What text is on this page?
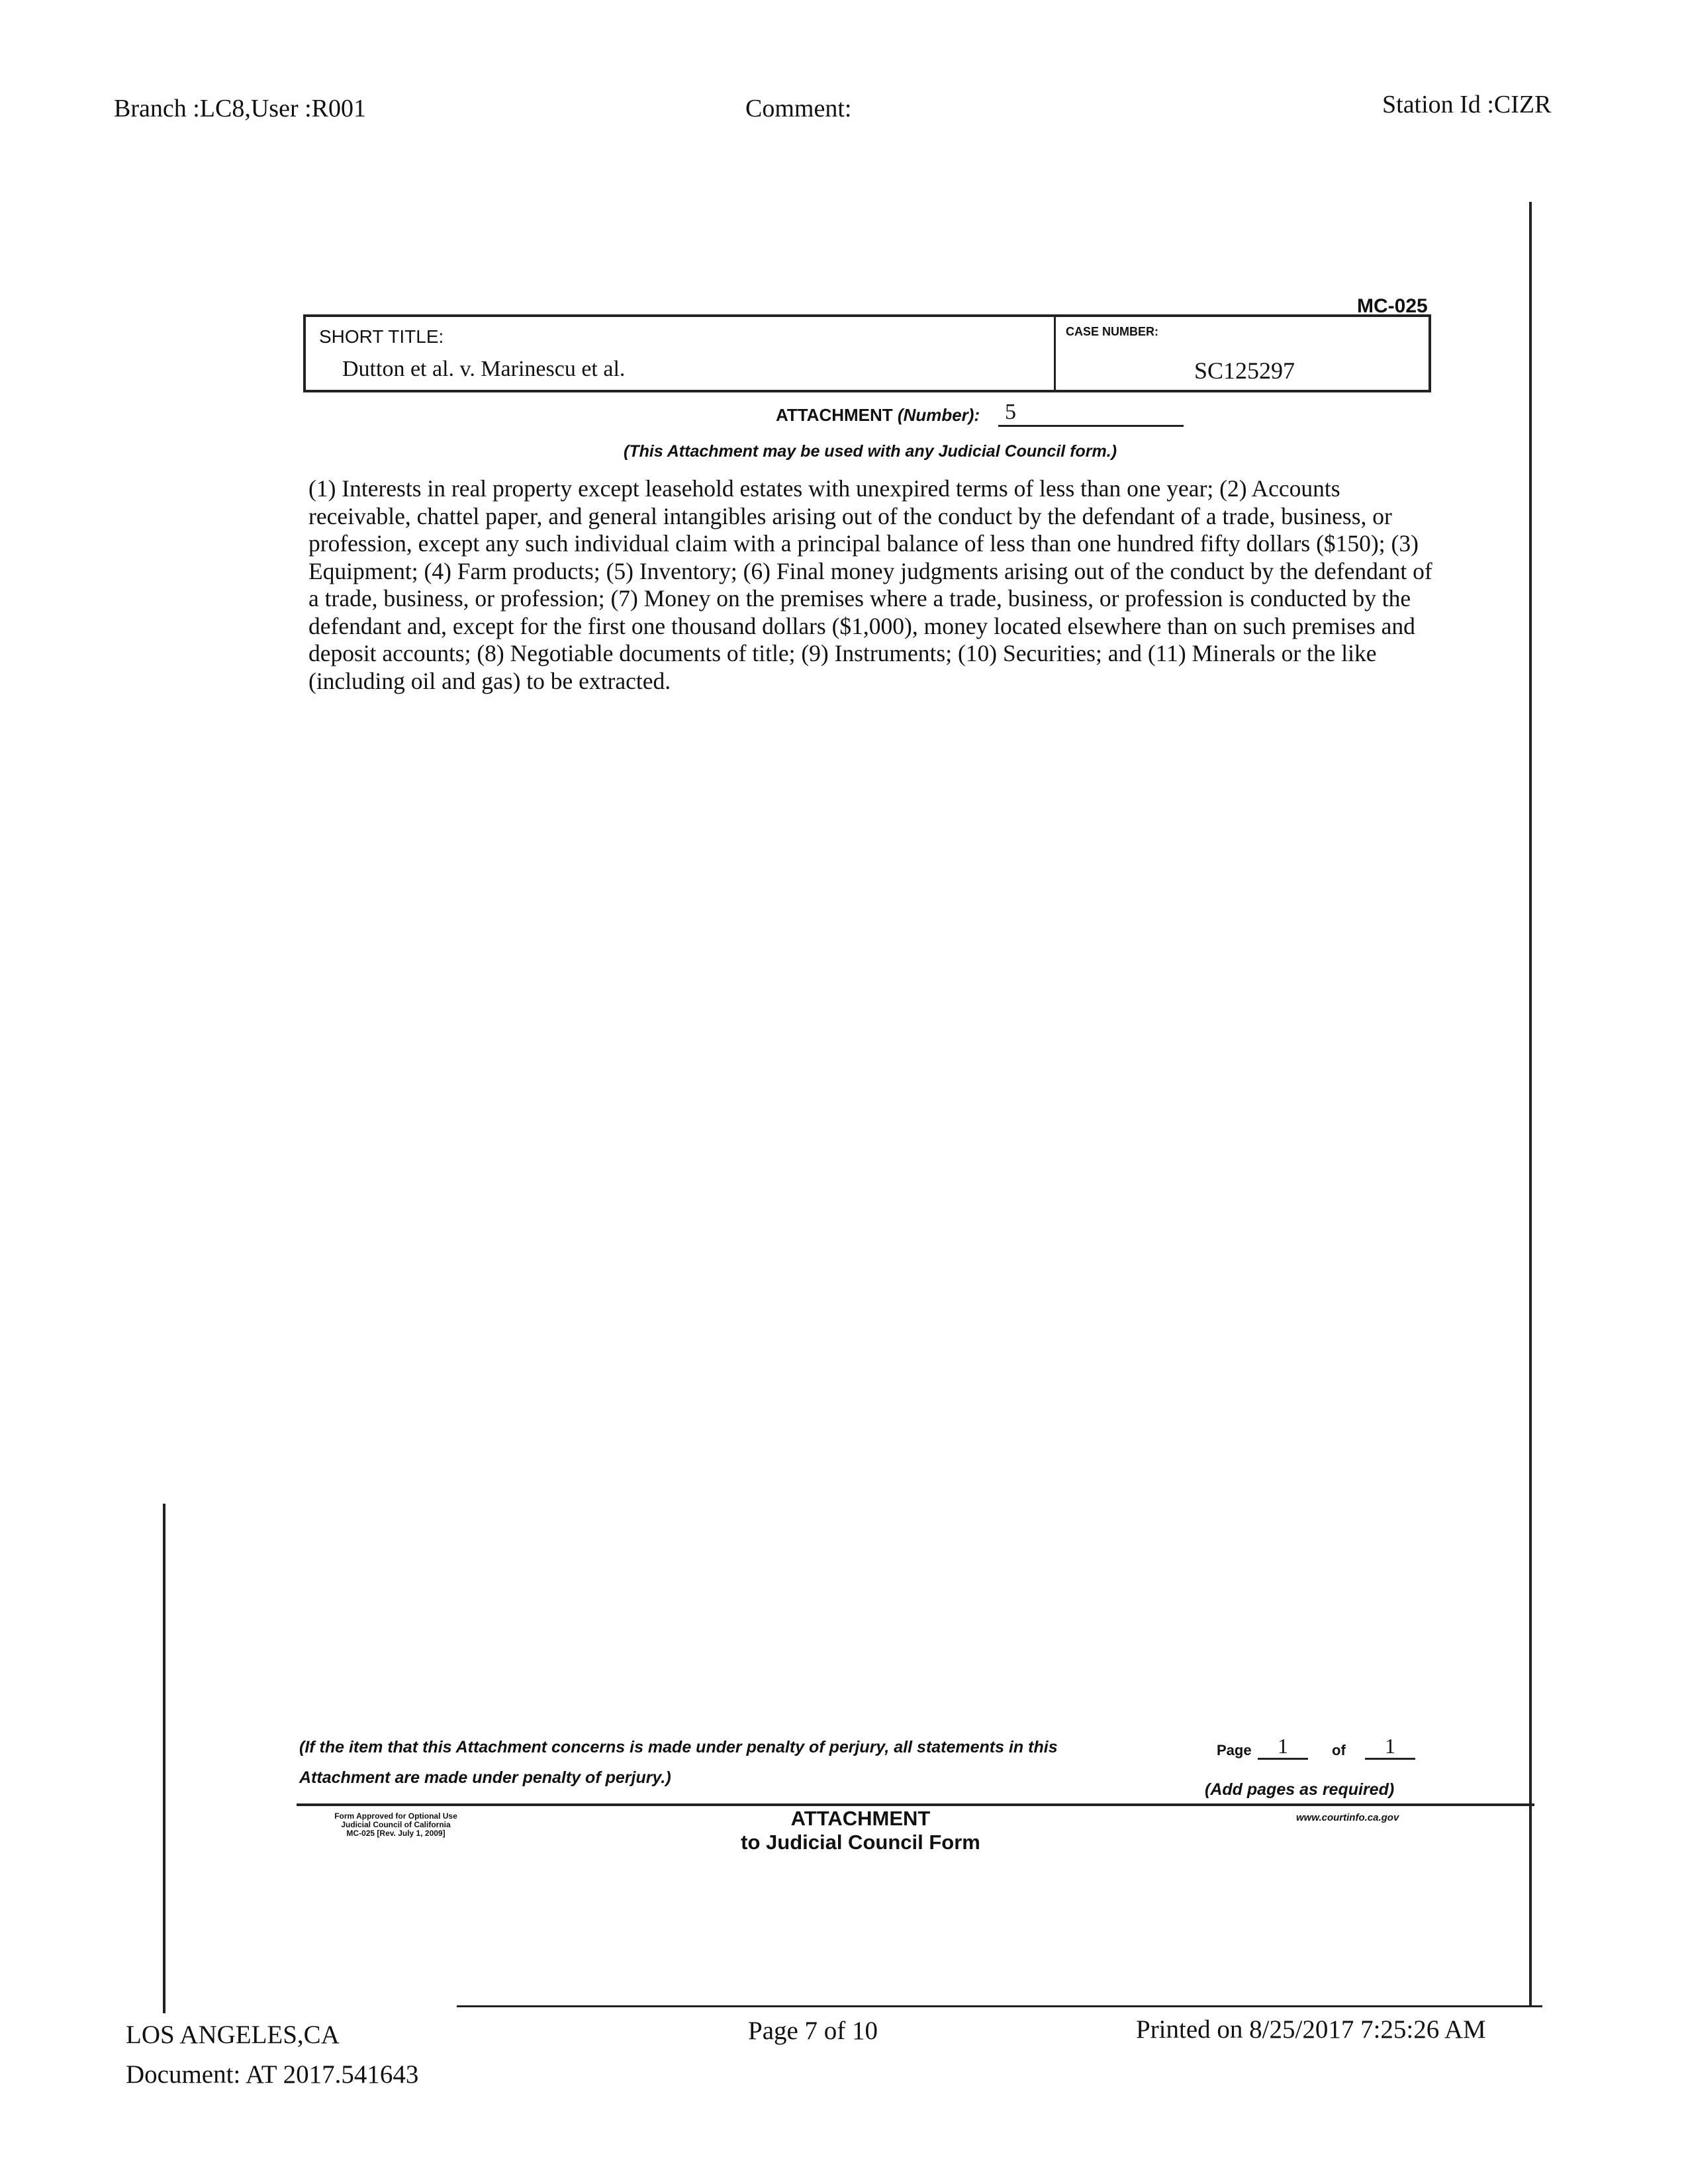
Branch :LC8,User :R001	Comment:	Station Id :CIZR
MC-025
SHORT TITLE:
Dutton et al. v. Marinescu et al.
CASE NUMBER:
SC125297
ATTACHMENT (Number): 5
(This Attachment may be used with any Judicial Council form.)
(1) Interests in real property except leasehold estates with unexpired terms of less than one year; (2) Accounts receivable, chattel paper, and general intangibles arising out of the conduct by the defendant of a trade, business, or profession, except any such individual claim with a principal balance of less than one hundred fifty dollars ($150); (3) Equipment; (4) Farm products; (5) Inventory; (6) Final money judgments arising out of the conduct by the defendant of a trade, business, or profession; (7) Money on the premises where a trade, business, or profession is conducted by the defendant and, except for the first one thousand dollars ($1,000), money located elsewhere than on such premises and deposit accounts; (8) Negotiable documents of title; (9) Instruments; (10) Securities; and (11) Minerals or the like (including oil and gas) to be extracted.
(If the item that this Attachment concerns is made under penalty of perjury, all statements in this
Attachment are made under penalty of perjury.)
Page	1	of	1
(Add pages as required)
Form Approved for Optional Use
Judicial Council of California
MC-025 [Rev. July 1, 2009]
ATTACHMENT
to Judicial Council Form
www.courtinfo.ca.gov
LOS ANGELES,CA
Document: AT 2017.541643
Page 7 of 10	Printed on 8/25/2017 7:25:26 AM
